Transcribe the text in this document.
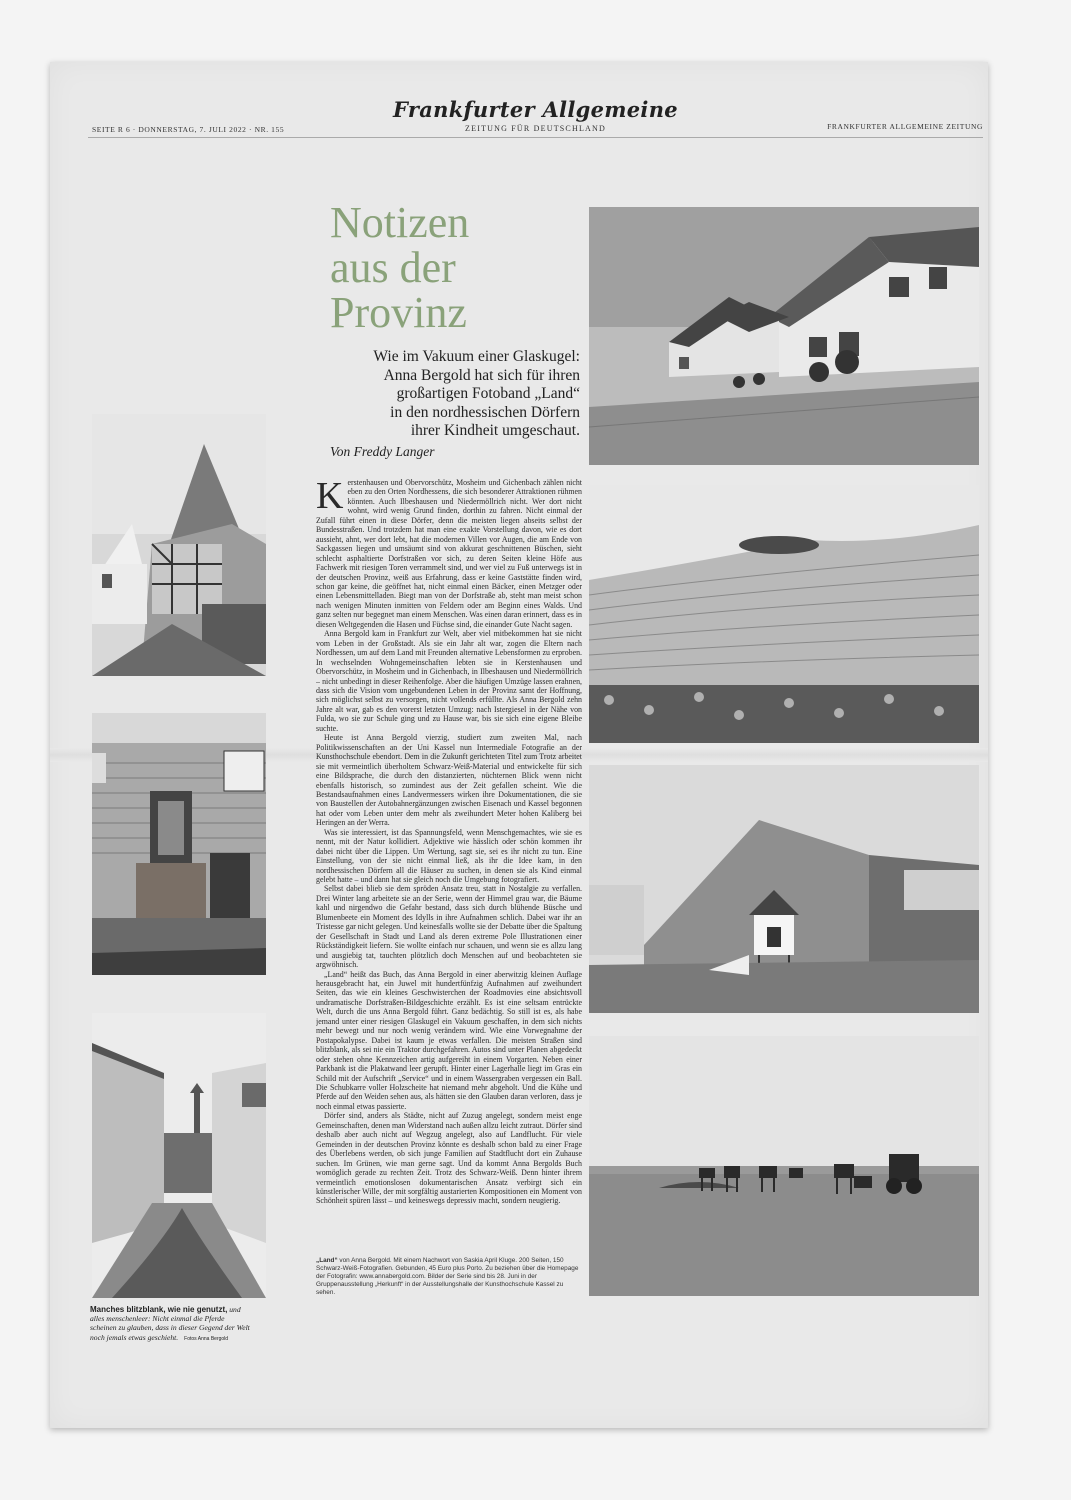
Frankfurter Allgemeine
ZEITUNG FÜR DEUTSCHLAND
SEITE R 6 · DONNERSTAG, 7. JULI 2022 · NR. 155	FRANKFURTER ALLGEMEINE ZEITUNG
Notizen
aus der
Provinz
Wie im Vakuum einer Glaskugel:
Anna Bergold hat sich für ihren
großartigen Fotoband „Land“
in den nordhessischen Dörfern
ihrer Kindheit umgeschaut.
Von Freddy Langer

Kerstenhausen und Obervorschütz, Mosheim und Gichenbach zählen nicht eben zu den Orten Nordhessens, die sich besonderer Attraktionen rühmen könnten. Auch Ilbeshausen und Niedermöllrich nicht. Wer dort nicht wohnt, wird wenig Grund finden, dorthin zu fahren. Nicht einmal der Zufall führt einen in diese Dörfer, denn die meisten liegen abseits selbst der Bundesstraßen. Und trotzdem hat man eine exakte Vorstellung davon, wie es dort aussieht, ahnt, wer dort lebt, hat die modernen Villen vor Augen, die am Ende von Sackgassen liegen und umsäumt sind von akkurat geschnittenen Büschen, sieht schlecht asphaltierte Dorfstraßen vor sich, zu deren Seiten kleine Höfe aus Fachwerk mit riesigen Toren verrammelt sind, und wer viel zu Fuß unterwegs ist in der deutschen Provinz, weiß aus Erfahrung, dass er keine Gaststätte finden wird, schon gar keine, die geöffnet hat, nicht einmal einen Bäcker, einen Metzger oder einen Lebensmittelladen. Biegt man von der Dorfstraße ab, steht man meist schon nach wenigen Minuten inmitten von Feldern oder am Beginn eines Walds. Und ganz selten nur begegnet man einem Menschen. Was einen daran erinnert, dass es in diesen Weltgegenden die Hasen und Füchse sind, die einander Gute Nacht sagen.

Anna Bergold kam in Frankfurt zur Welt, aber viel mitbekommen hat sie nicht vom Leben in der Großstadt. Als sie ein Jahr alt war, zogen die Eltern nach Nordhessen, um auf dem Land mit Freunden alternative Lebensformen zu erproben. In wechselnden Wohngemeinschaften lebten sie in Kerstenhausen und Obervorschütz, in Mosheim und in Gichenbach, in Ilbeshausen und Niedermöllrich – nicht unbedingt in dieser Reihenfolge. Aber die häufigen Umzüge lassen erahnen, dass sich die Vision vom ungebundenen Leben in der Provinz samt der Hoffnung, sich möglichst selbst zu versorgen, nicht vollends erfüllte. Als Anna Bergold zehn Jahre alt war, gab es den vorerst letzten Umzug: nach Istergiesel in der Nähe von Fulda, wo sie zur Schule ging und zu Hause war, bis sie sich eine eigene Bleibe suchte.

Heute ist Anna Bergold vierzig, studiert zum zweiten Mal, nach Politikwissenschaften an der Uni Kassel nun Intermediale Fotografie an der Kunsthochschule ebendort. Dem in die Zukunft gerichteten Titel zum Trotz arbeitet sie mit vermeintlich überholtem Schwarz-Weiß-Material und entwickelte für sich eine Bildsprache, die durch den distanzierten, nüchternen Blick wenn nicht ebenfalls historisch, so zumindest aus der Zeit gefallen scheint. Wie die Bestandsaufnahmen eines Landvermessers wirken ihre Dokumentationen, die sie von Baustellen der Autobahnergänzungen zwischen Eisenach und Kassel begonnen hat oder vom Leben unter dem mehr als zweihundert Meter hohen Kaliberg bei Heringen an der Werra.

Was sie interessiert, ist das Spannungsfeld, wenn Menschgemachtes, wie sie es nennt, mit der Natur kollidiert. Adjektive wie hässlich oder schön kommen ihr dabei nicht über die Lippen. Um Wertung, sagt sie, sei es ihr nicht zu tun. Eine Einstellung, von der sie nicht einmal ließ, als ihr die Idee kam, in den nordhessischen Dörfern all die Häuser zu suchen, in denen sie als Kind einmal gelebt hatte – und dann hat sie gleich noch die Umgebung fotografiert.

Selbst dabei blieb sie dem spröden Ansatz treu, statt in Nostalgie zu verfallen. Drei Winter lang arbeitete sie an der Serie, wenn der Himmel grau war, die Bäume kahl und nirgendwo die Gefahr bestand, dass sich durch blühende Büsche und Blumenbeete ein Moment des Idylls in ihre Aufnahmen schlich. Dabei war ihr an Tristesse gar nicht gelegen. Und keinesfalls wollte sie der Debatte über die Spaltung der Gesellschaft in Stadt und Land als deren extreme Pole Illustrationen einer Rückständigkeit liefern. Sie wollte einfach nur schauen, und wenn sie es allzu lang und ausgiebig tat, tauchten plötzlich doch Menschen auf und beobachteten sie argwöhnisch.

„Land“ heißt das Buch, das Anna Bergold in einer aberwitzig kleinen Auflage herausgebracht hat, ein Juwel mit hundertfünfzig Aufnahmen auf zweihundert Seiten, das wie ein kleines Geschwisterchen der Roadmovies eine absichtsvoll undramatische Dorfstraßen-Bildgeschichte erzählt. Es ist eine seltsam entrückte Welt, durch die uns Anna Bergold führt. Ganz bedächtig. So still ist es, als habe jemand unter einer riesigen Glaskugel ein Vakuum geschaffen, in dem sich nichts mehr bewegt und nur noch wenig verändern wird. Wie eine Vorwegnahme der Postapokalypse. Dabei ist kaum je etwas verfallen. Die meisten Straßen sind blitzblank, als sei nie ein Traktor durchgefahren. Autos sind unter Planen abgedeckt oder stehen ohne Kennzeichen artig aufgereiht in einem Vorgarten. Neben einer Parkbank ist die Plakatwand leer gerupft. Hinter einer Lagerhalle liegt im Gras ein Schild mit der Aufschrift „Service“ und in einem Wassergraben vergessen ein Ball. Die Schubkarre voller Holzscheite hat niemand mehr abgeholt. Und die Kühe und Pferde auf den Weiden sehen aus, als hätten sie den Glauben daran verloren, dass je noch einmal etwas passierte.

Dörfer sind, anders als Städte, nicht auf Zuzug angelegt, sondern meist enge Gemeinschaften, denen man Widerstand nach außen allzu leicht zutraut. Dörfer sind deshalb aber auch nicht auf Wegzug angelegt, also auf Landflucht. Für viele Gemeinden in der deutschen Provinz könnte es deshalb schon bald zu einer Frage des Überlebens werden, ob sich junge Familien auf Stadtflucht dort ein Zuhause suchen. Im Grünen, wie man gerne sagt. Und da kommt Anna Bergolds Buch womöglich gerade zu rechten Zeit. Trotz des Schwarz-Weiß. Denn hinter ihrem vermeintlich emotionslosen dokumentarischen Ansatz verbirgt sich ein künstlerischer Wille, der mit sorgfältig austarierten Kompositionen ein Moment von Schönheit spüren lässt – und keineswegs depressiv macht, sondern neugierig.

„Land“ von Anna Bergold. Mit einem Nachwort von Saskia April Kluge. 200 Seiten, 150 Schwarz-Weiß-Fotografien. Gebunden, 45 Euro plus Porto. Zu beziehen über die Homepage der Fotografin: www.annabergold.com. Bilder der Serie sind bis 28. Juni in der Gruppenausstellung „Herkunft“ in der Ausstellungshalle der Kunsthochschule Kassel zu sehen.
Manches blitzblank, wie nie genutzt, und alles menschenleer: Nicht einmal die Pferde scheinen zu glauben, dass in dieser Gegend der Welt noch jemals etwas geschieht. Fotos Anna Bergold
